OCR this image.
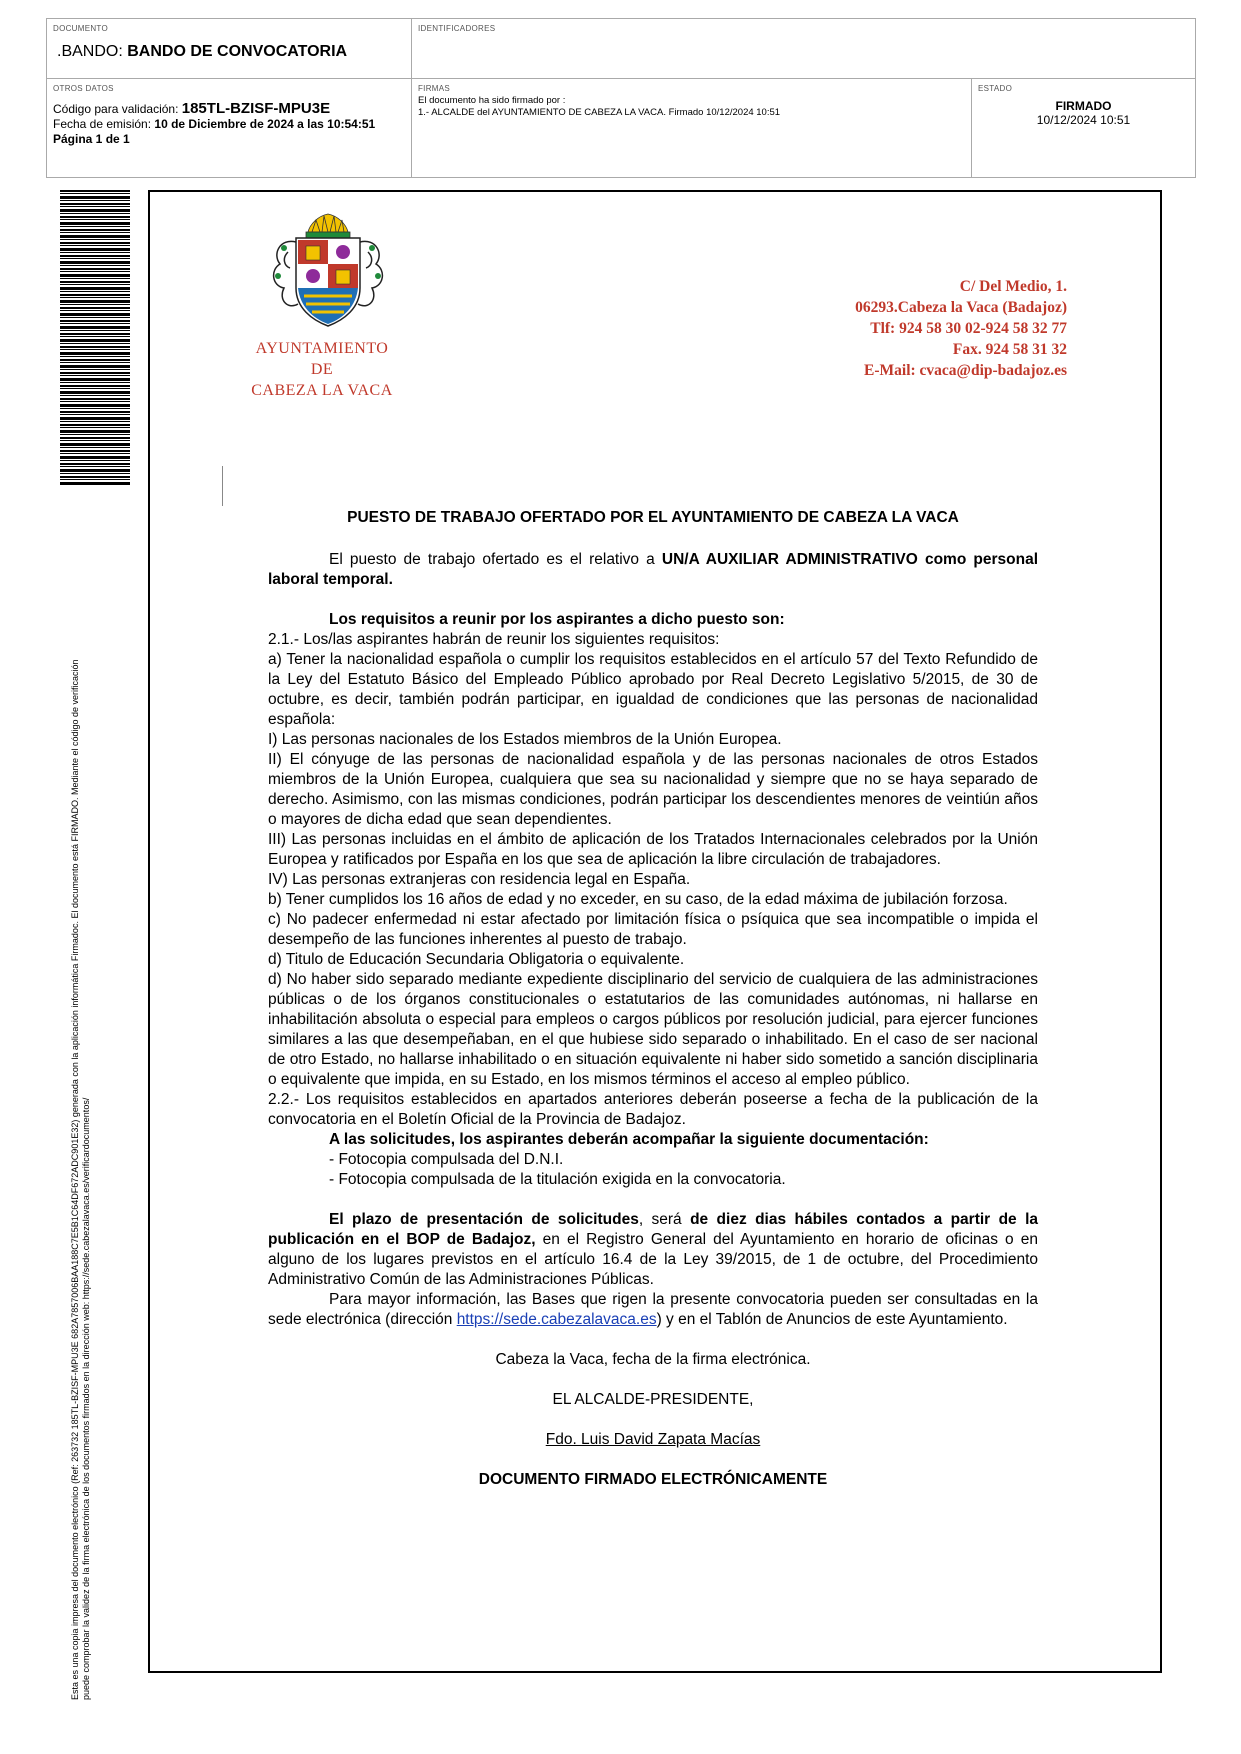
DOCUMENTO
.BANDO: BANDO DE CONVOCATORIA
IDENTIFICADORES
OTROS DATOS
Código para validación: 185TL-BZISF-MPU3E
Fecha de emisión: 10 de Diciembre de 2024 a las 10:54:51
Página 1 de 1
FIRMAS
El documento ha sido firmado por :
1.- ALCALDE del AYUNTAMIENTO DE CABEZA LA VACA. Firmado 10/12/2024 10:51
ESTADO
FIRMADO
10/12/2024 10:51
Esta es una copia impresa del documento electrónico (Ref: 263732 185TL-BZISF-MPU3E 682A7857006BAA188C7E5B1C64DF672ADC901E32) generada con la aplicación informática Firmadoc. El documento está FIRMADO. Mediante el código de verificación puede comprobar la validez de la firma electrónica de los documentos firmados en la dirección web: https://sede.cabezalavaca.es/verificardocumentos/
AYUNTAMIENTO
DE
CABEZA LA VACA
C/ Del Medio, 1.
06293.Cabeza la Vaca (Badajoz)
Tlf: 924 58 30 02-924 58 32 77
Fax. 924 58 31 32
E-Mail: cvaca@dip-badajoz.es
PUESTO DE TRABAJO OFERTADO POR EL AYUNTAMIENTO DE CABEZA LA VACA

El puesto de trabajo ofertado es el relativo a UN/A AUXILIAR ADMINISTRATIVO como personal laboral temporal.

Los requisitos a reunir por los aspirantes a dicho puesto son:

2.1.- Los/las aspirantes habrán de reunir los siguientes requisitos:

a) Tener la nacionalidad española o cumplir los requisitos establecidos en el artículo 57 del Texto Refundido de la Ley del Estatuto Básico del Empleado Público aprobado por Real Decreto Legislativo 5/2015, de 30 de octubre, es decir, también podrán participar, en igualdad de condiciones que las personas de nacionalidad española:

I) Las personas nacionales de los Estados miembros de la Unión Europea.

II) El cónyuge de las personas de nacionalidad española y de las personas nacionales de otros Estados miembros de la Unión Europea, cualquiera que sea su nacionalidad y siempre que no se haya separado de derecho. Asimismo, con las mismas condiciones, podrán participar los descendientes menores de veintiún años o mayores de dicha edad que sean dependientes.

III) Las personas incluidas en el ámbito de aplicación de los Tratados Internacionales celebrados por la Unión Europea y ratificados por España en los que sea de aplicación la libre circulación de trabajadores.

IV) Las personas extranjeras con residencia legal en España.

b) Tener cumplidos los 16 años de edad y no exceder, en su caso, de la edad máxima de jubilación forzosa.

c) No padecer enfermedad ni estar afectado por limitación física o psíquica que sea incompatible o impida el desempeño de las funciones inherentes al puesto de trabajo.

d) Titulo de Educación Secundaria Obligatoria o equivalente.

d) No haber sido separado mediante expediente disciplinario del servicio de cualquiera de las administraciones públicas o de los órganos constitucionales o estatutarios de las comunidades autónomas, ni hallarse en inhabilitación absoluta o especial para empleos o cargos públicos por resolución judicial, para ejercer funciones similares a las que desempeñaban, en el que hubiese sido separado o inhabilitado. En el caso de ser nacional de otro Estado, no hallarse inhabilitado o en situación equivalente ni haber sido sometido a sanción disciplinaria o equivalente que impida, en su Estado, en los mismos términos el acceso al empleo público.

2.2.- Los requisitos establecidos en apartados anteriores deberán poseerse a fecha de la publicación de la convocatoria en el Boletín Oficial de la Provincia de Badajoz.

A las solicitudes, los aspirantes deberán acompañar la siguiente documentación:

- Fotocopia compulsada del D.N.I.

- Fotocopia compulsada de la titulación exigida en la convocatoria.

El plazo de presentación de solicitudes, será de diez dias hábiles contados a partir de la publicación en el BOP de Badajoz, en el Registro General del Ayuntamiento en horario de oficinas o en alguno de los lugares previstos en el artículo 16.4 de la Ley 39/2015, de 1 de octubre, del Procedimiento Administrativo Común de las Administraciones Públicas.

Para mayor información, las Bases que rigen la presente convocatoria pueden ser consultadas en la sede electrónica (dirección https://sede.cabezalavaca.es) y en el Tablón de Anuncios de este Ayuntamiento.

Cabeza la Vaca, fecha de la firma electrónica.

EL ALCALDE-PRESIDENTE,

Fdo. Luis David Zapata Macías

DOCUMENTO FIRMADO ELECTRÓNICAMENTE
